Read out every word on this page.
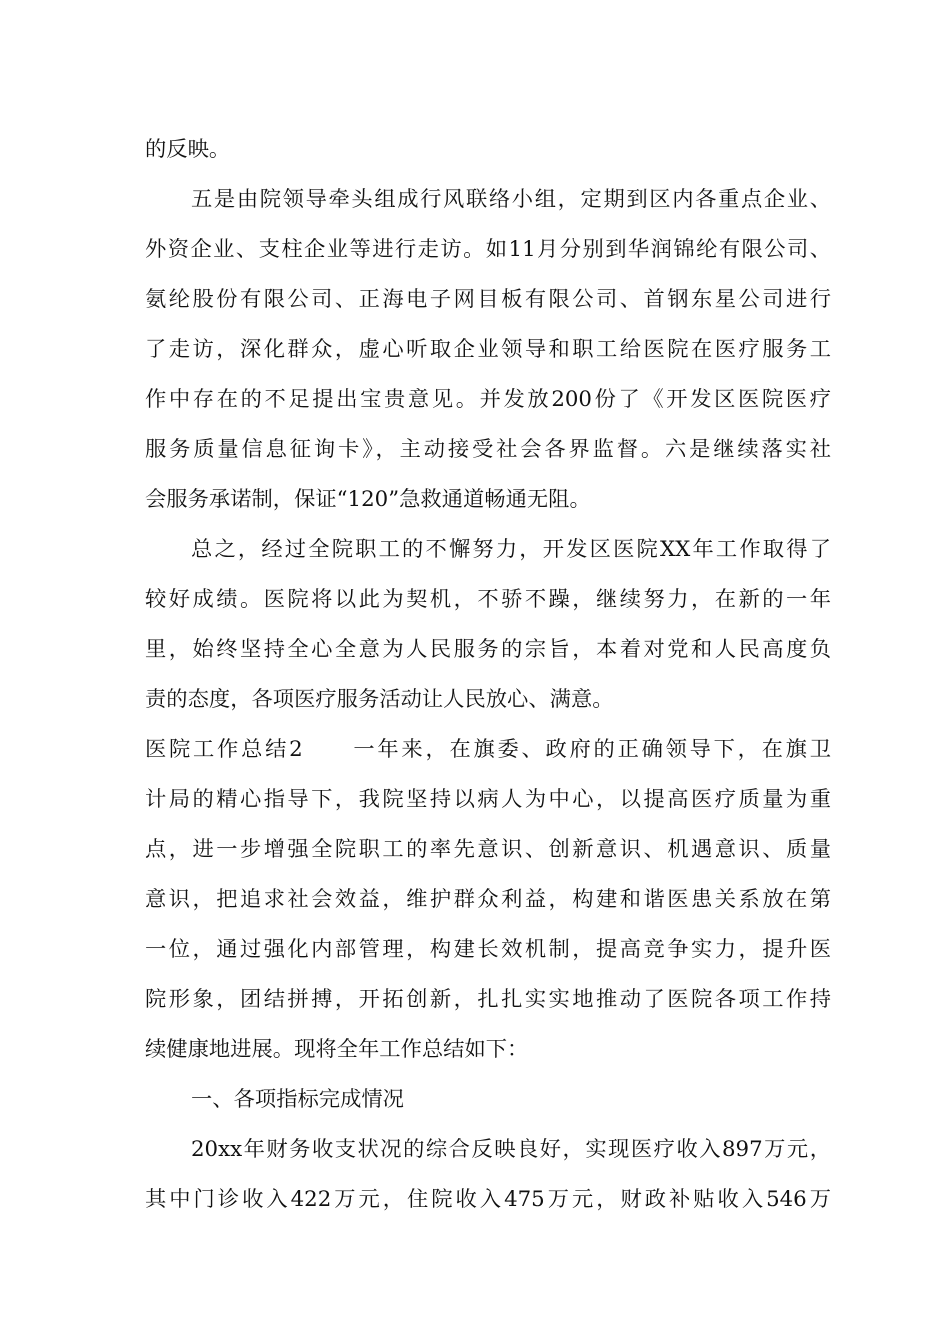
的反映。
五是由院领导牵头组成行风联络小组，定期到区内各重点企业、
外资企业、支柱企业等进行走访。如11月分别到华润锦纶有限公司、
氨纶股份有限公司、正海电子网目板有限公司、首钢东星公司进行
了走访，深化群众，虚心听取企业领导和职工给医院在医疗服务工
作中存在的不足提出宝贵意见。并发放200份了《开发区医院医疗
服务质量信息征询卡》，主动接受社会各界监督。六是继续落实社
会服务承诺制，保证“120”急救通道畅通无阻。
总之，经过全院职工的不懈努力，开发区医院XX年工作取得了
较好成绩。医院将以此为契机，不骄不躁，继续努力，在新的一年
里，始终坚持全心全意为人民服务的宗旨，本着对党和人民高度负
责的态度，各项医疗服务活动让人民放心、满意。
医院工作总结2　　一年来，在旗委、政府的正确领导下，在旗卫
计局的精心指导下，我院坚持以病人为中心，以提高医疗质量为重
点，进一步增强全院职工的率先意识、创新意识、机遇意识、质量
意识，把追求社会效益，维护群众利益，构建和谐医患关系放在第
一位，通过强化内部管理，构建长效机制，提高竞争实力，提升医
院形象，团结拼搏，开拓创新，扎扎实实地推动了医院各项工作持
续健康地进展。现将全年工作总结如下：
一、各项指标完成情况
20xx年财务收支状况的综合反映良好，实现医疗收入897万元，
其中门诊收入422万元，住院收入475万元，财政补贴收入546万
